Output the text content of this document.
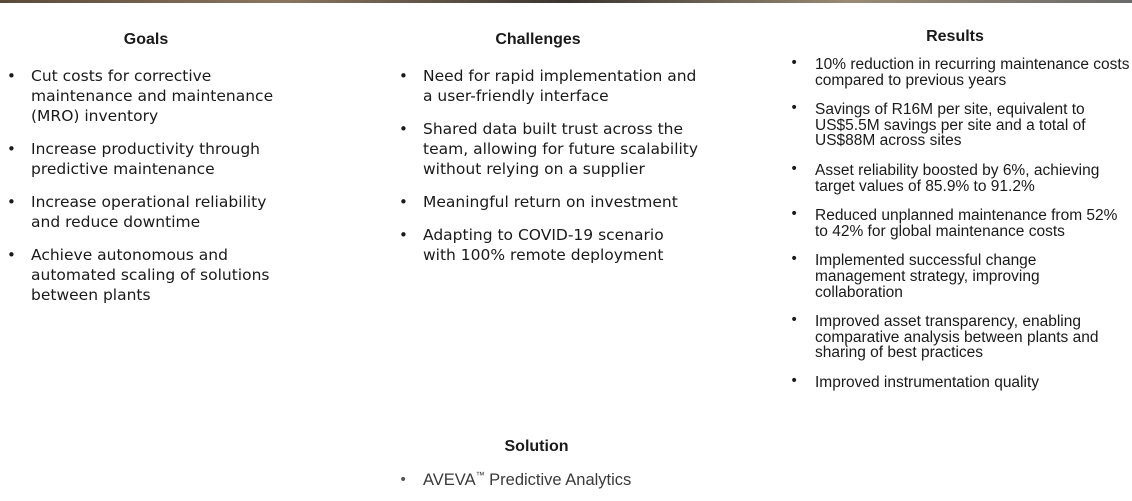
Goals
• Cut costs for corrective maintenance and maintenance (MRO) inventory
• Increase productivity through predictive maintenance
• Increase operational reliability and reduce downtime
• Achieve autonomous and automated scaling of solutions between plants
Challenges
• Need for rapid implementation and a user-friendly interface
• Shared data built trust across the team, allowing for future scalability without relying on a supplier
• Meaningful return on investment
• Adapting to COVID-19 scenario with 100% remote deployment
Results
• 10% reduction in recurring maintenance costs compared to previous years
• Savings of R16M per site, equivalent to US$5.5M savings per site and a total of US$88M across sites
• Asset reliability boosted by 6%, achieving target values of 85.9% to 91.2%
• Reduced unplanned maintenance from 52% to 42% for global maintenance costs
• Implemented successful change management strategy, improving collaboration
• Improved asset transparency, enabling comparative analysis between plants and sharing of best practices
• Improved instrumentation quality
Solution
• AVEVA™ Predictive Analytics
